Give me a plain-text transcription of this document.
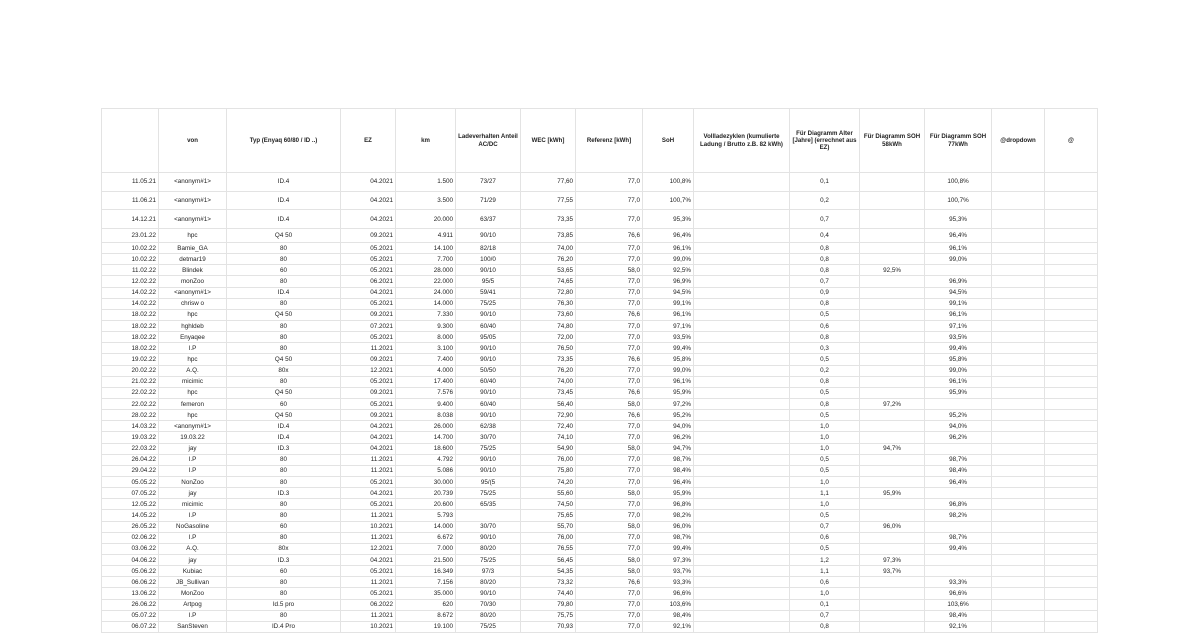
	von	Typ (Enyaq 60/80 / ID ..)	EZ	km	Ladeverhalten Anteil AC/DC	WEC [kWh]	Referenz [kWh]	SoH	Vollladezyklen (kumulierte Ladung / Brutto z.B. 82 kWh)	Für Diagramm Alter [Jahre] (errechnet aus EZ)	Für Diagramm SOH 58kWh	Für Diagramm SOH 77kWh	@dropdown	@
11.05.21	<anonym#1>	ID.4	04.2021	1.500	73/27	77,60	77,0	100,8%		0,1		100,8%		
11.06.21	<anonym#1>	ID.4	04.2021	3.500	71/29	77,55	77,0	100,7%		0,2		100,7%		
14.12.21	<anonym#1>	ID.4	04.2021	20.000	63/37	73,35	77,0	95,3%		0,7		95,3%		
23.01.22	hpc	Q4 50	09.2021	4.911	90/10	73,85	76,6	96,4%		0,4		96,4%		
10.02.22	Bamie_GA	80	05.2021	14.100	82/18	74,00	77,0	96,1%		0,8		96,1%		
10.02.22	detmar19	80	05.2021	7.700	100/0	76,20	77,0	99,0%		0,8		99,0%		
11.02.22	Blindek	60	05.2021	28.000	90/10	53,65	58,0	92,5%		0,8	92,5%			
12.02.22	monZoo	80	06.2021	22.000	95/5	74,65	77,0	96,9%		0,7		96,9%		
14.02.22	<anonym#1>	ID.4	04.2021	24.000	59/41	72,80	77,0	94,5%		0,9		94,5%		
14.02.22	chrisw o	80	05.2021	14.000	75/25	76,30	77,0	99,1%		0,8		99,1%		
18.02.22	hpc	Q4 50	09.2021	7.330	90/10	73,60	76,6	96,1%		0,5		96,1%		
18.02.22	hghldeb	80	07.2021	9.300	60/40	74,80	77,0	97,1%		0,6		97,1%		
18.02.22	Enyaqee	80	05.2021	8.000	95/05	72,00	77,0	93,5%		0,8		93,5%		
18.02.22	I.P	80	11.2021	3.100	90/10	76,50	77,0	99,4%		0,3		99,4%		
19.02.22	hpc	Q4 50	09.2021	7.400	90/10	73,35	76,6	95,8%		0,5		95,8%		
20.02.22	A.Q.	80x	12.2021	4.000	50/50	76,20	77,0	99,0%		0,2		99,0%		
21.02.22	micimic	80	05.2021	17.400	60/40	74,00	77,0	96,1%		0,8		96,1%		
22.02.22	hpc	Q4 50	09.2021	7.576	90/10	73,45	76,6	95,9%		0,5		95,9%		
22.02.22	femeron	60	05.2021	9.400	60/40	56,40	58,0	97,2%		0,8	97,2%			
28.02.22	hpc	Q4 50	09.2021	8.038	90/10	72,90	76,6	95,2%		0,5		95,2%		
14.03.22	<anonym#1>	ID.4	04.2021	26.000	62/38	72,40	77,0	94,0%		1,0		94,0%		
19.03.22	19.03.22	ID.4	04.2021	14.700	30/70	74,10	77,0	96,2%		1,0		96,2%		
22.03.22	jay	ID.3	04.2021	18.600	75/25	54,90	58,0	94,7%		1,0	94,7%			
26.04.22	I.P	80	11.2021	4.792	90/10	76,00	77,0	98,7%		0,5		98,7%		
29.04.22	I.P	80	11.2021	5.086	90/10	75,80	77,0	98,4%		0,5		98,4%		
05.05.22	NonZoo	80	05.2021	30.000	95/(5	74,20	77,0	96,4%		1,0		96,4%		
07.05.22	jay	ID.3	04.2021	20.739	75/25	55,60	58,0	95,9%		1,1	95,9%			
12.05.22	micimic	80	05.2021	20.600	65/35	74,50	77,0	96,8%		1,0		96,8%		
14.05.22	I.P	80	11.2021	5.793		75,65	77,0	98,2%		0,5		98,2%		
26.05.22	NoGasoline	60	10.2021	14.000	30/70	55,70	58,0	96,0%		0,7	96,0%			
02.06.22	I.P	80	11.2021	6.672	90/10	76,00	77,0	98,7%		0,6		98,7%		
03.06.22	A.Q.	80x	12.2021	7.000	80/20	76,55	77,0	99,4%		0,5		99,4%		
04.06.22	jay	ID.3	04.2021	21.500	75/25	56,45	58,0	97,3%		1,2	97,3%			
05.06.22	Kubiac	60	05.2021	16.349	97/3	54,35	58,0	93,7%		1,1	93,7%			
06.06.22	JB_Sullivan	80	11.2021	7.156	80/20	73,32	76,6	93,3%		0,6		93,3%		
13.06.22	MonZoo	80	05.2021	35.000	90/10	74,40	77,0	96,6%		1,0		96,6%		
26.06.22	Artpog	Id.5 pro	06.2022	620	70/30	79,80	77,0	103,6%		0,1		103,6%		
05.07.22	I.P	80	11.2021	8.672	80/20	75,75	77,0	98,4%		0,7		98,4%		
06.07.22	SanSteven	ID.4 Pro	10.2021	19.100	75/25	70,93	77,0	92,1%		0,8		92,1%		
